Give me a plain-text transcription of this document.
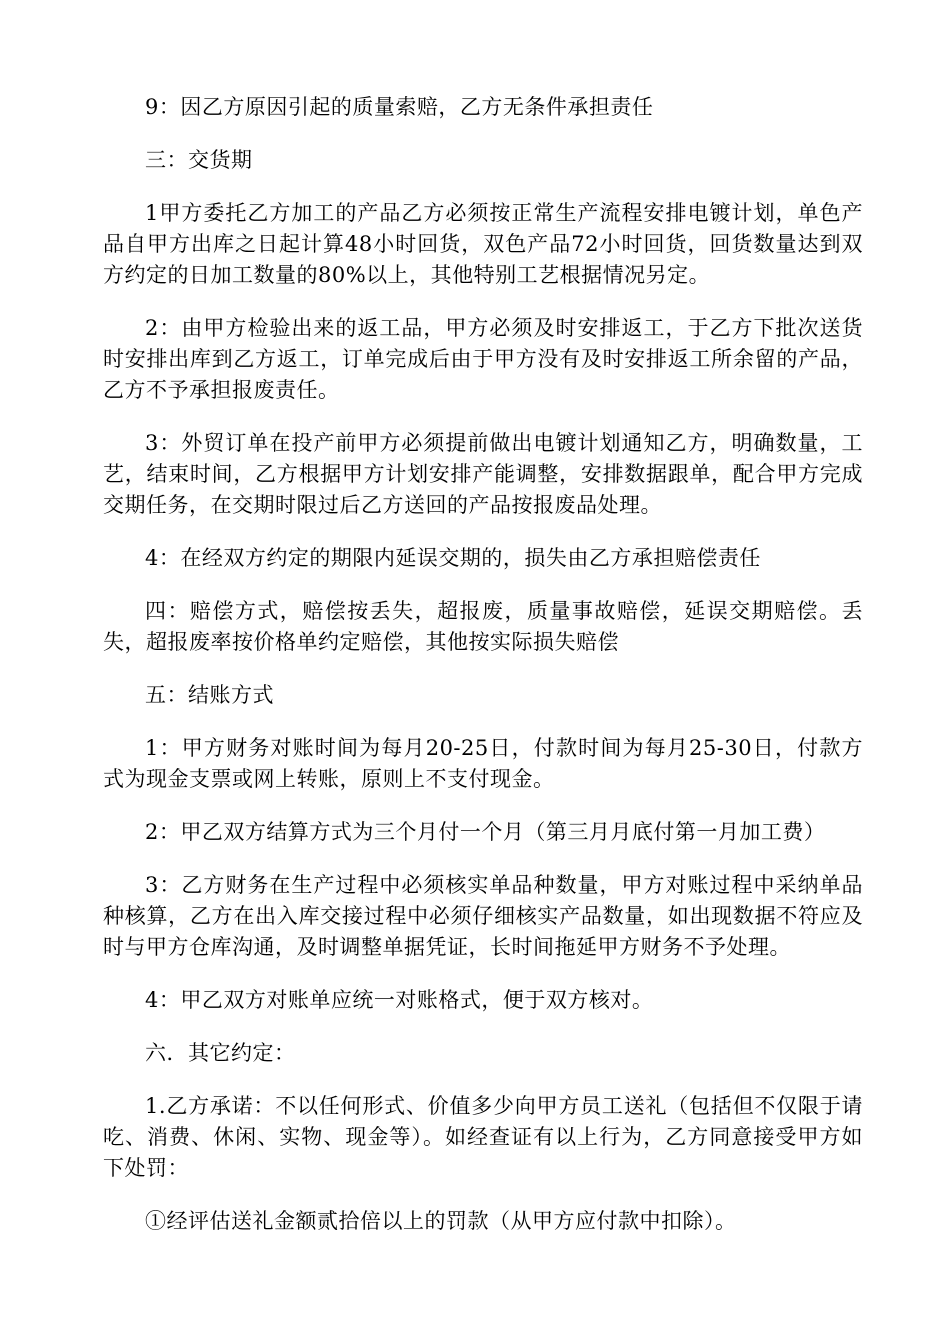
9：因乙方原因引起的质量索赔，乙方无条件承担责任

三：交货期

1甲方委托乙方加工的产品乙方必须按正常生产流程安排电镀计划，单色产品自甲方出库之日起计算48小时回货，双色产品72小时回货，回货数量达到双方约定的日加工数量的80%以上，其他特别工艺根据情况另定。

2：由甲方检验出来的返工品，甲方必须及时安排返工，于乙方下批次送货时安排出库到乙方返工，订单完成后由于甲方没有及时安排返工所余留的产品，乙方不予承担报废责任。

3：外贸订单在投产前甲方必须提前做出电镀计划通知乙方，明确数量，工艺，结束时间，乙方根据甲方计划安排产能调整，安排数据跟单，配合甲方完成交期任务，在交期时限过后乙方送回的产品按报废品处理。

4：在经双方约定的期限内延误交期的，损失由乙方承担赔偿责任

四：赔偿方式，赔偿按丢失，超报废，质量事故赔偿，延误交期赔偿。丢失，超报废率按价格单约定赔偿，其他按实际损失赔偿

五：结账方式

1：甲方财务对账时间为每月20-25日，付款时间为每月25-30日，付款方式为现金支票或网上转账，原则上不支付现金。

2：甲乙双方结算方式为三个月付一个月（第三月月底付第一月加工费）

3：乙方财务在生产过程中必须核实单品种数量，甲方对账过程中采纳单品种核算，乙方在出入库交接过程中必须仔细核实产品数量，如出现数据不符应及时与甲方仓库沟通，及时调整单据凭证，长时间拖延甲方财务不予处理。

4：甲乙双方对账单应统一对账格式，便于双方核对。

六．其它约定：

1.乙方承诺：不以任何形式、价值多少向甲方员工送礼（包括但不仅限于请吃、消费、休闲、实物、现金等）。如经查证有以上行为，乙方同意接受甲方如下处罚：

①经评估送礼金额贰拾倍以上的罚款（从甲方应付款中扣除）。
